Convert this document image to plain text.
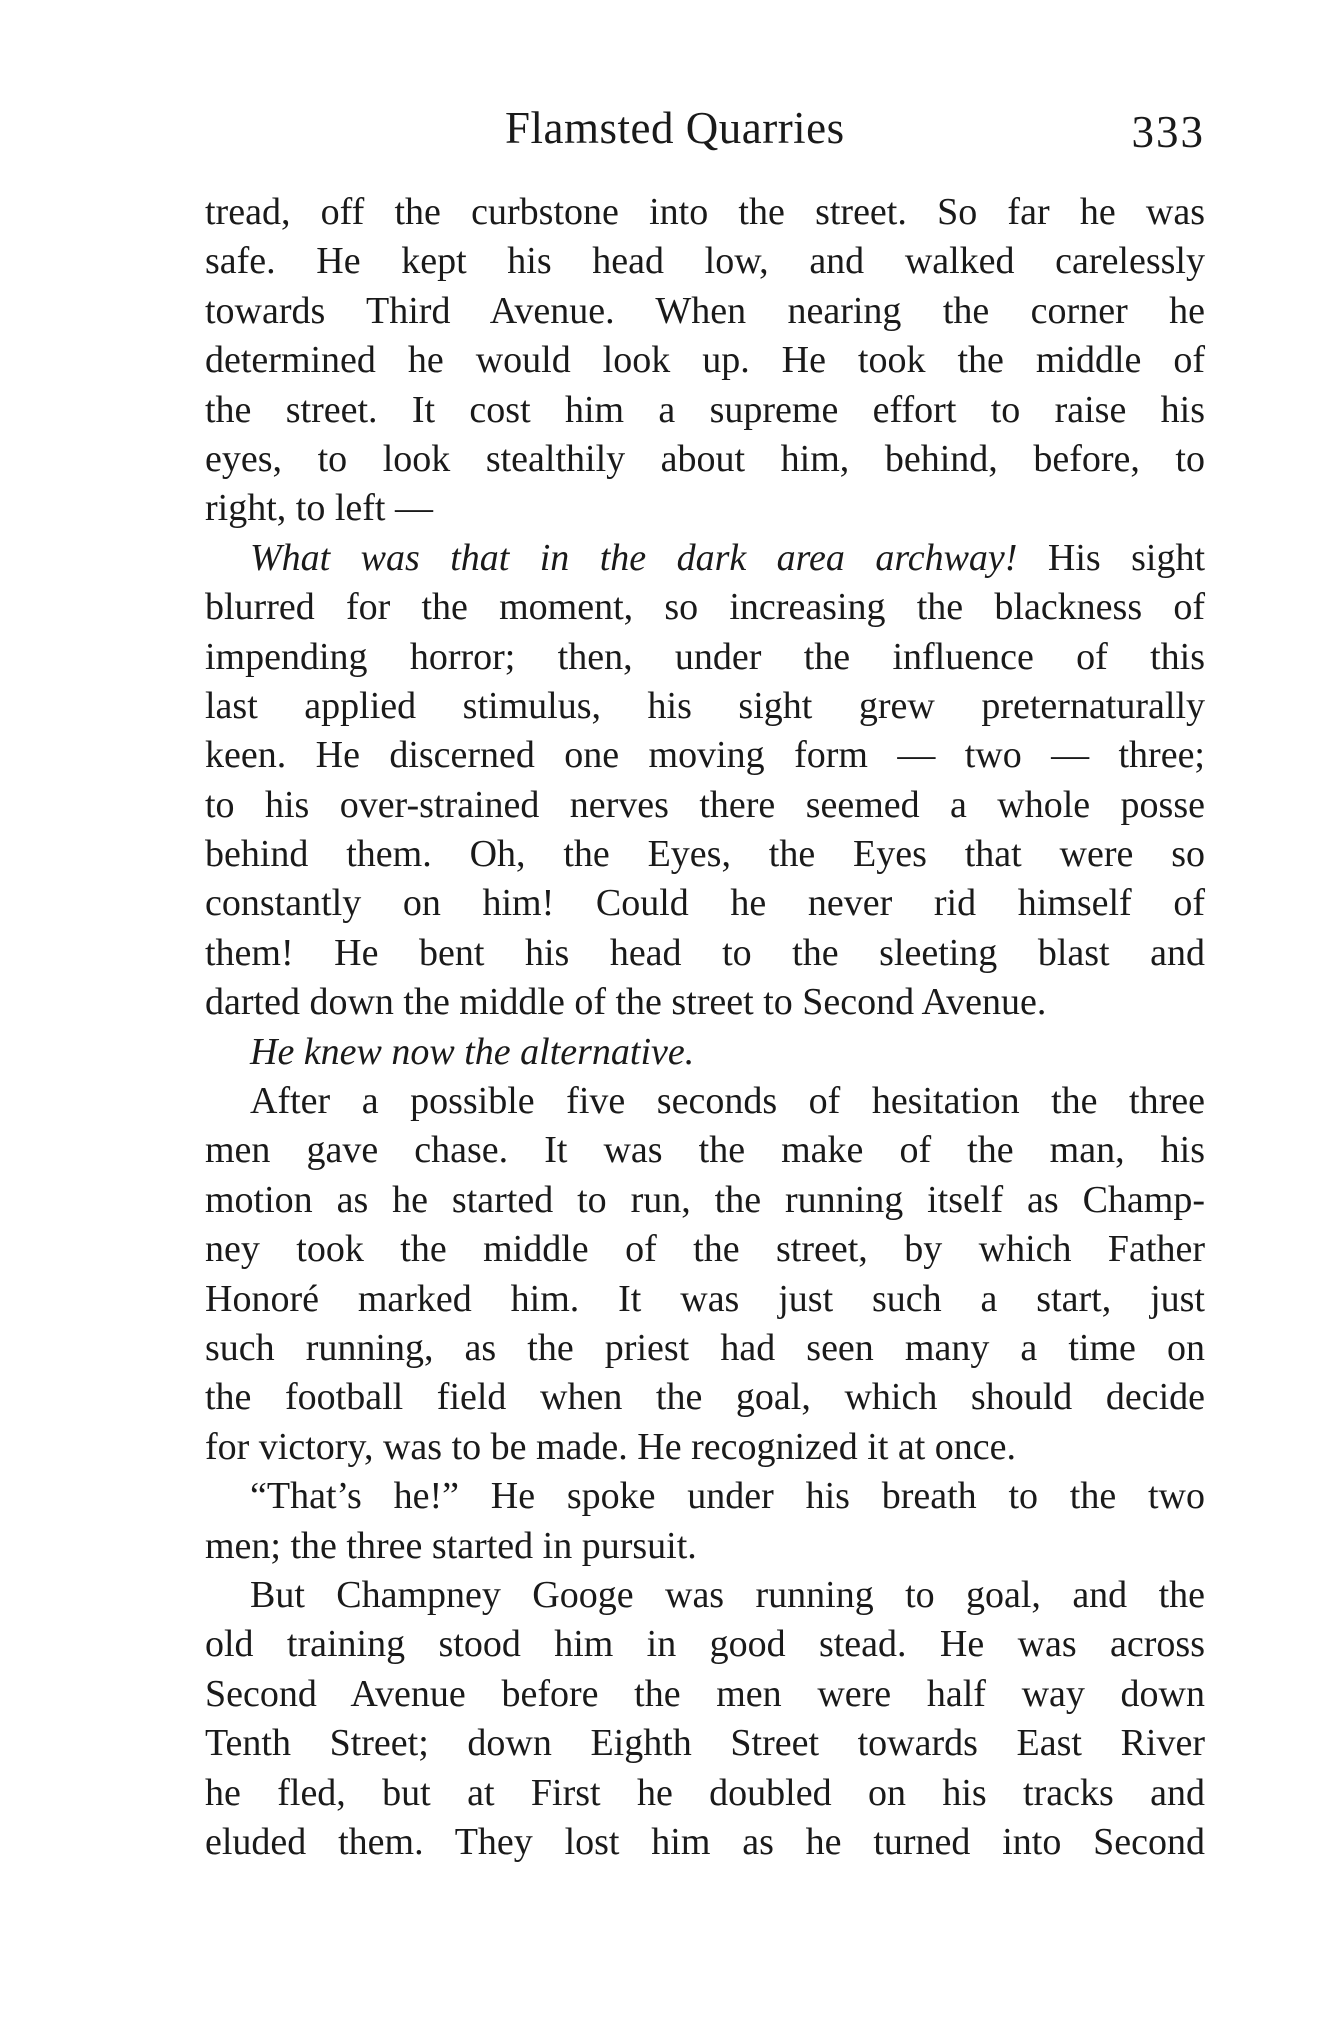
Flamsted Quarries	333
tread, off the curbstone into the street. So far he was
safe. He kept his head low, and walked carelessly
towards Third Avenue. When nearing the corner he
determined he would look up. He took the middle of
the street. It cost him a supreme effort to raise his
eyes, to look stealthily about him, behind, before, to
right, to left —
What was that in the dark area archway! His sight
blurred for the moment, so increasing the blackness of
impending horror; then, under the influence of this
last applied stimulus, his sight grew preternaturally
keen. He discerned one moving form — two — three;
to his over-strained nerves there seemed a whole posse
behind them. Oh, the Eyes, the Eyes that were so
constantly on him! Could he never rid himself of
them! He bent his head to the sleeting blast and
darted down the middle of the street to Second Avenue.
He knew now the alternative.
After a possible five seconds of hesitation the three
men gave chase. It was the make of the man, his
motion as he started to run, the running itself as Champ-
ney took the middle of the street, by which Father
Honoré marked him. It was just such a start, just
such running, as the priest had seen many a time on
the football field when the goal, which should decide
for victory, was to be made. He recognized it at once.
“That’s he!” He spoke under his breath to the two
men; the three started in pursuit.
But Champney Googe was running to goal, and the
old training stood him in good stead. He was across
Second Avenue before the men were half way down
Tenth Street; down Eighth Street towards East River
he fled, but at First he doubled on his tracks and
eluded them. They lost him as he turned into Second
